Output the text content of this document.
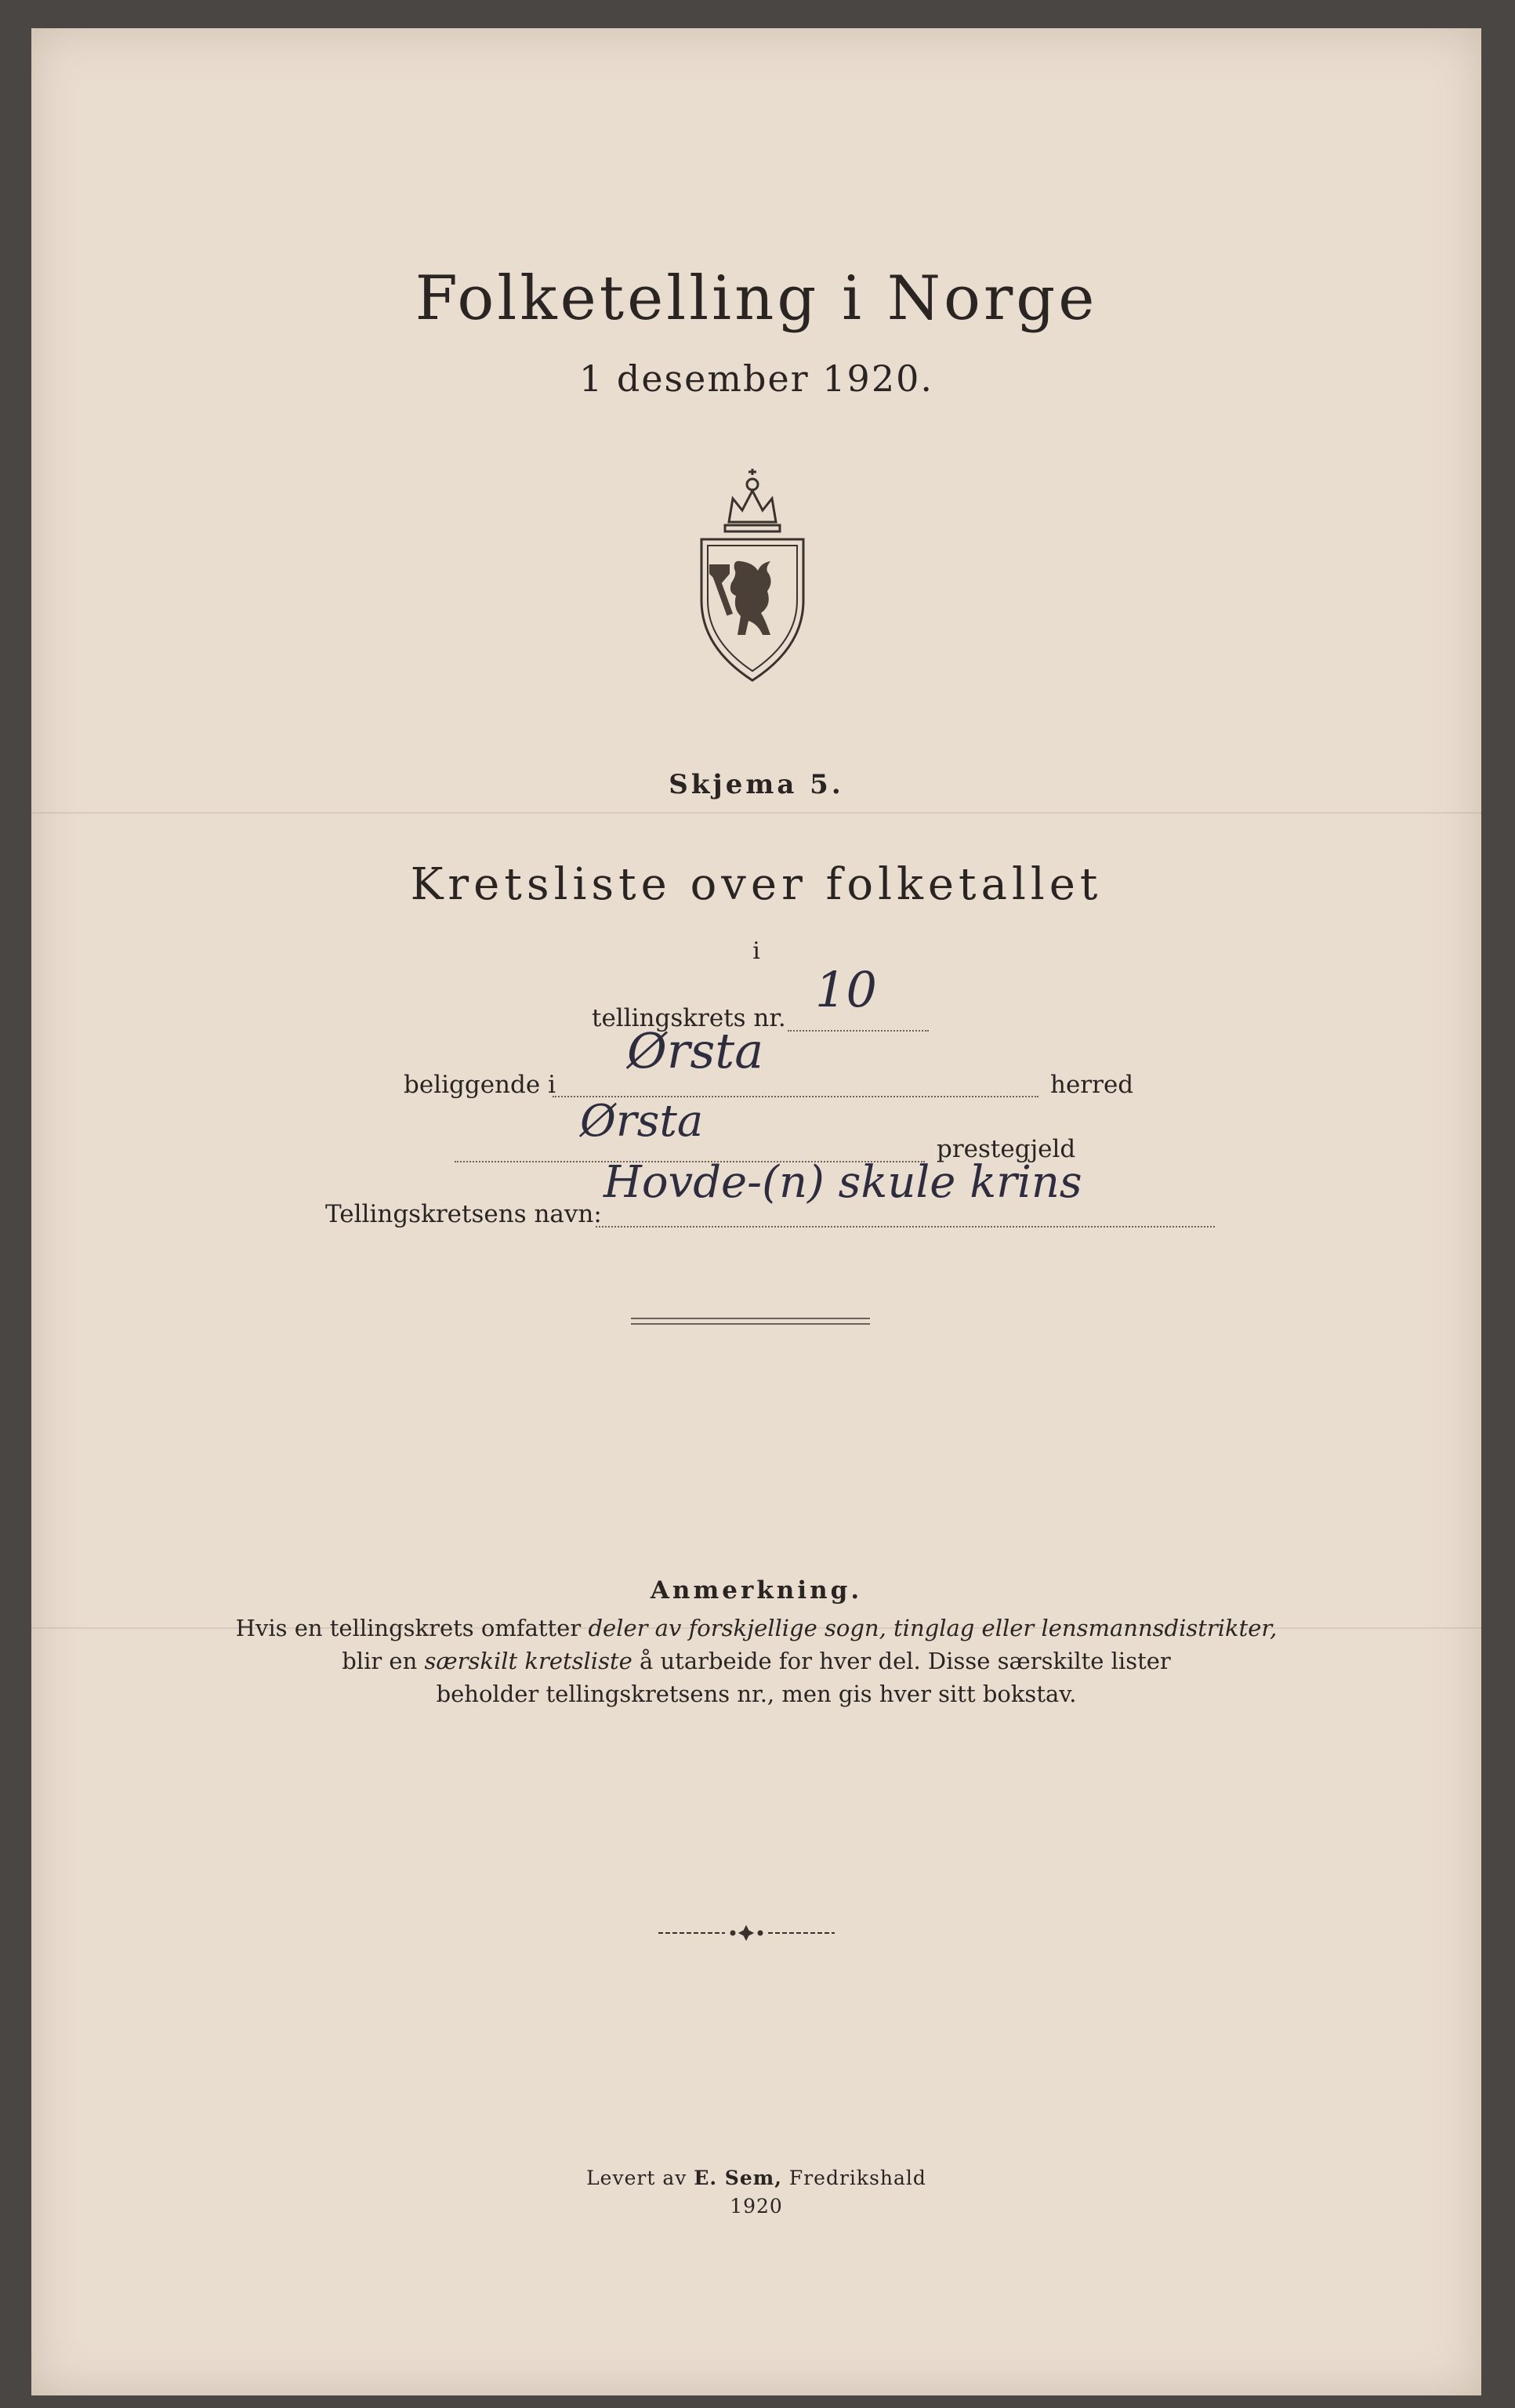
Folketelling i Norge
1 desember 1920.
Skjema 5.
Kretsliste over folketallet
i
tellingskrets nr. 10
beliggende i
Ørsta
herred
Ørsta
prestegjeld
Tellingskretsens navn:
Hovde-(n) skule krins
Anmerkning.
Hvis en tellingskrets omfatter deler av forskjellige sogn, tinglag eller lensmannsdistrikter,
blir en særskilt kretsliste å utarbeide for hver del. Disse særskilte lister
beholder tellingskretsens nr., men gis hver sitt bokstav.
Levert av E. Sem, Fredrikshald
1920
